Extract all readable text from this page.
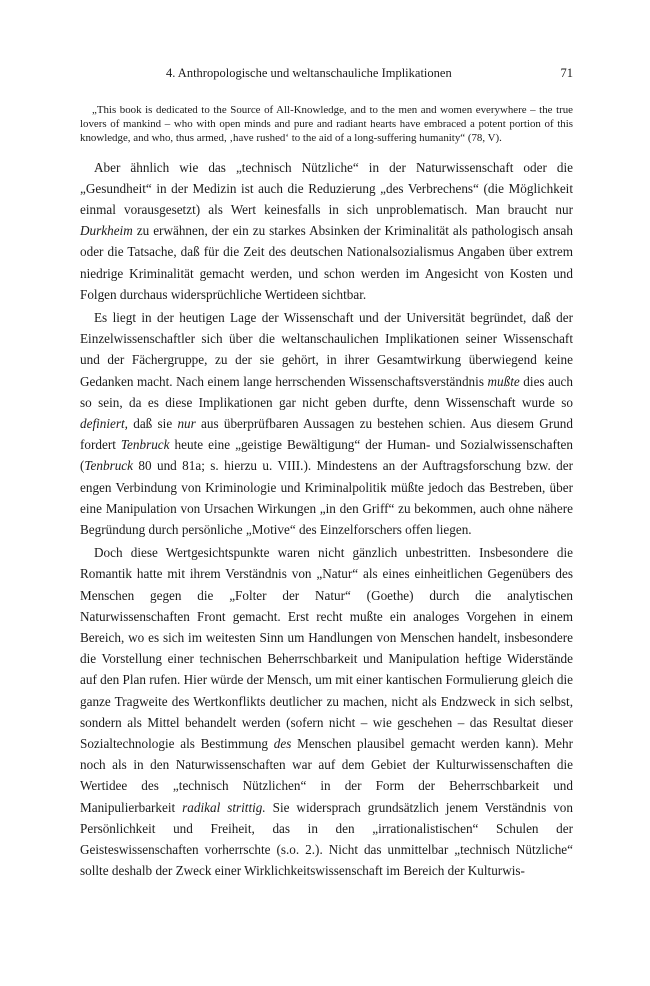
4. Anthropologische und weltanschauliche Implikationen	71

„This book is dedicated to the Source of All-Knowledge, and to the men and women everywhere – the true lovers of mankind – who with open minds and pure and radiant hearts have embraced a potent portion of this knowledge, and who, thus armed, ‚have rushed‘ to the aid of a long-suffering humanity“ (78, V).

Aber ähnlich wie das „technisch Nützliche“ in der Naturwissenschaft oder die „Gesundheit“ in der Medizin ist auch die Reduzierung „des Verbrechens“ (die Möglichkeit einmal vorausgesetzt) als Wert keinesfalls in sich unproblematisch. Man braucht nur Durkheim zu erwähnen, der ein zu starkes Absinken der Kriminalität als pathologisch ansah oder die Tatsache, daß für die Zeit des deutschen Nationalsozialismus Angaben über extrem niedrige Kriminalität gemacht werden, und schon werden im Angesicht von Kosten und Folgen durchaus widersprüchliche Wertideen sichtbar.

Es liegt in der heutigen Lage der Wissenschaft und der Universität begründet, daß der Einzelwissenschaftler sich über die weltanschaulichen Implikationen seiner Wissenschaft und der Fächergruppe, zu der sie gehört, in ihrer Gesamtwirkung überwiegend keine Gedanken macht. Nach einem lange herrschenden Wissenschaftsverständnis mußte dies auch so sein, da es diese Implikationen gar nicht geben durfte, denn Wissenschaft wurde so definiert, daß sie nur aus überprüfbaren Aussagen zu bestehen schien. Aus diesem Grund fordert Tenbruck heute eine „geistige Bewältigung“ der Human- und Sozialwissenschaften (Tenbruck 80 und 81a; s. hierzu u. VIII.). Mindestens an der Auftragsforschung bzw. der engen Verbindung von Kriminologie und Kriminalpolitik müßte jedoch das Bestreben, über eine Manipulation von Ursachen Wirkungen „in den Griff“ zu bekommen, auch ohne nähere Begründung durch persönliche „Motive“ des Einzelforschers offen liegen.

Doch diese Wertgesichtspunkte waren nicht gänzlich unbestritten. Insbesondere die Romantik hatte mit ihrem Verständnis von „Natur“ als eines einheitlichen Gegenübers des Menschen gegen die „Folter der Natur“ (Goethe) durch die analytischen Naturwissenschaften Front gemacht. Erst recht mußte ein analoges Vorgehen in einem Bereich, wo es sich im weitesten Sinn um Handlungen von Menschen handelt, insbesondere die Vorstellung einer technischen Beherrschbarkeit und Manipulation heftige Widerstände auf den Plan rufen. Hier würde der Mensch, um mit einer kantischen Formulierung gleich die ganze Tragweite des Wertkonflikts deutlicher zu machen, nicht als Endzweck in sich selbst, sondern als Mittel behandelt werden (sofern nicht – wie geschehen – das Resultat dieser Sozialtechnologie als Bestimmung des Menschen plausibel gemacht werden kann). Mehr noch als in den Naturwissenschaften war auf dem Gebiet der Kulturwissenschaften die Wertidee des „technisch Nützlichen“ in der Form der Beherrschbarkeit und Manipulierbarkeit radikal strittig. Sie widersprach grundsätzlich jenem Verständnis von Persönlichkeit und Freiheit, das in den „irrationalistischen“ Schulen der Geisteswissenschaften vorherrschte (s.o. 2.). Nicht das unmittelbar „technisch Nützliche“ sollte deshalb der Zweck einer Wirklichkeitswissenschaft im Bereich der Kulturwis-
